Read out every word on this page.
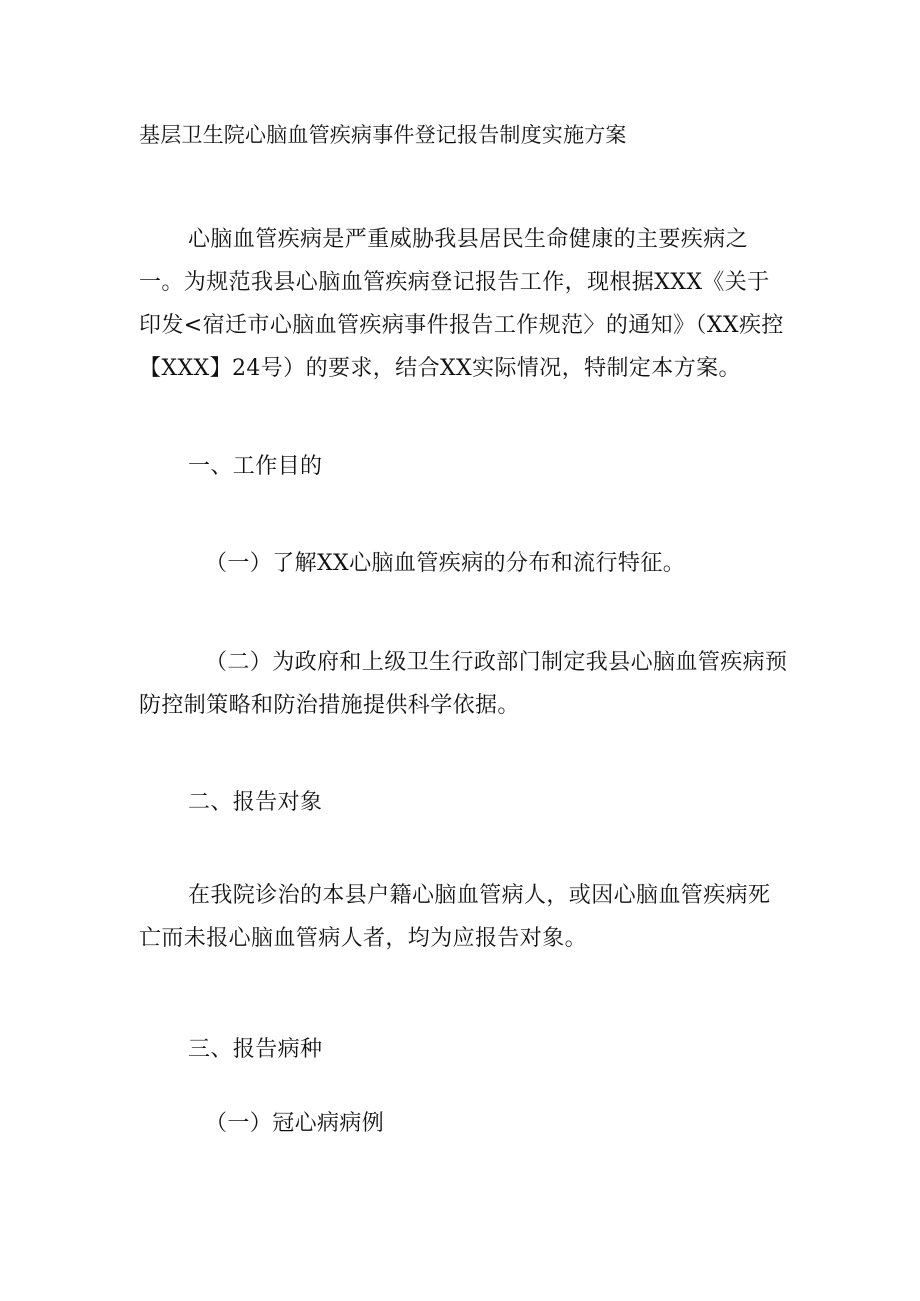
基层卫生院心脑血管疾病事件登记报告制度实施方案
心脑血管疾病是严重威胁我县居民生命健康的主要疾病之一。为规范我县心脑血管疾病登记报告工作，现根据XXX《关于印发<宿迁市心脑血管疾病事件报告工作规范〉的通知》（XX疾控【XXX】24号）的要求，结合XX实际情况，特制定本方案。
一、工作目的
（一）了解XX心脑血管疾病的分布和流行特征。
（二）为政府和上级卫生行政部门制定我县心脑血管疾病预防控制策略和防治措施提供科学依据。
二、报告对象
在我院诊治的本县户籍心脑血管病人，或因心脑血管疾病死亡而未报心脑血管病人者，均为应报告对象。
三、报告病种
（一）冠心病病例
